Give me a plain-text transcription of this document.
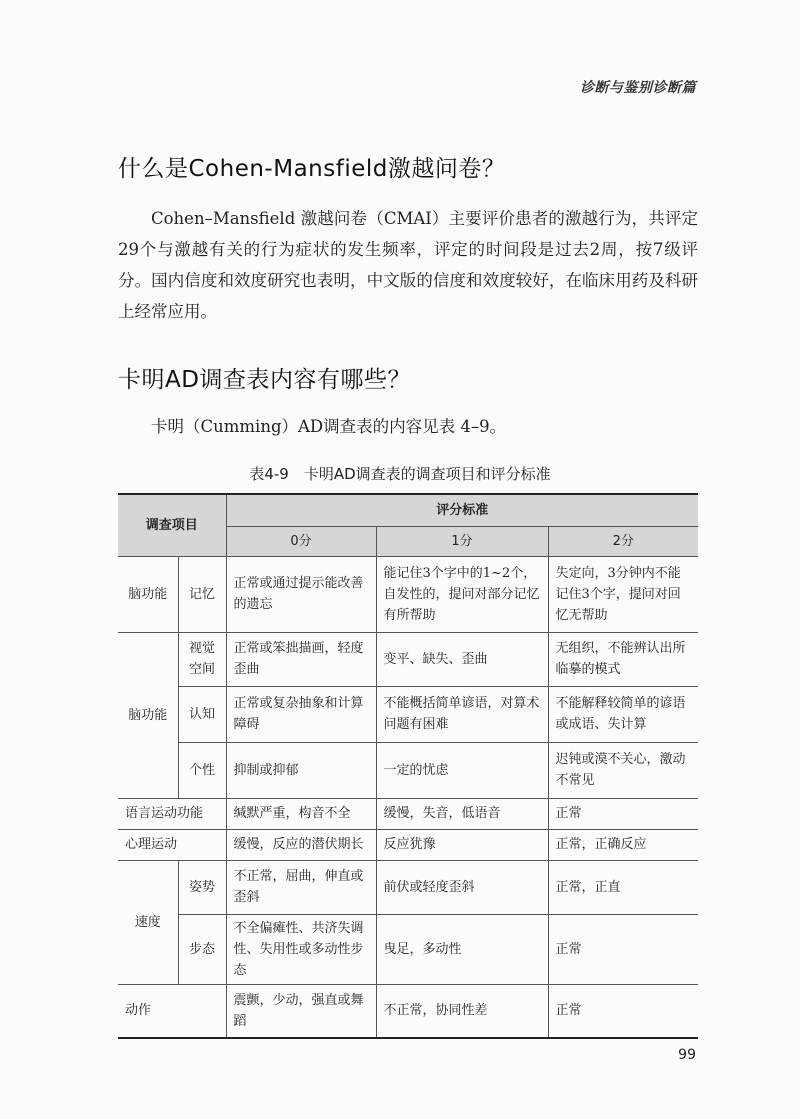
诊断与鉴别诊断篇
什么是Cohen-Mansfield激越问卷？
Cohen–Mansfield 激越问卷（CMAI）主要评价患者的激越行为，共评定29个与激越有关的行为症状的发生频率，评定的时间段是过去2周，按7级评分。国内信度和效度研究也表明，中文版的信度和效度较好，在临床用药及科研上经常应用。
卡明AD调查表内容有哪些？
卡明（Cumming）AD调查表的内容见表 4–9。
表4-9　卡明AD调查表的调查项目和评分标准
调查项目		评分标准		
		0分	1分	2分
脑功能	记忆	正常或通过提示能改善的遗忘	能记住3个字中的1~2个，自发性的，提问对部分记忆有所帮助	失定向，3分钟内不能记住3个字，提问对回忆无帮助
脑功能	视觉空间	正常或笨拙描画，轻度歪曲	变平、缺失、歪曲	无组织，不能辨认出所临摹的模式
	认知	正常或复杂抽象和计算障碍	不能概括简单谚语，对算术问题有困难	不能解释较简单的谚语或成语、失计算
	个性	抑制或抑郁	一定的忧虑	迟钝或漠不关心，激动不常见
语言运动功能		缄默严重，构音不全	缓慢，失音，低语音	正常
心理运动		缓慢，反应的潜伏期长	反应犹豫	正常，正确反应
速度	姿势	不正常，屈曲，伸直或歪斜	前伏或轻度歪斜	正常，正直
	步态	不全偏瘫性、共济失调性、失用性或多动性步态	曳足，多动性	正常
动作		震颤，少动，强直或舞蹈	不正常，协同性差	正常
99
